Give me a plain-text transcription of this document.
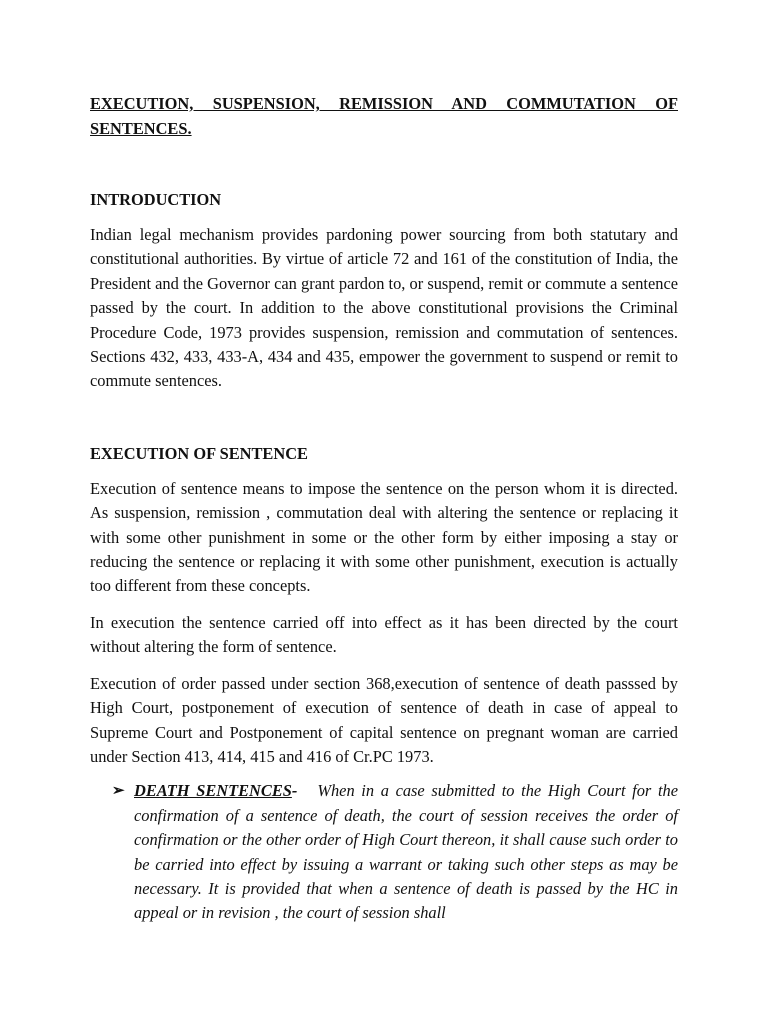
EXECUTION, SUSPENSION, REMISSION AND COMMUTATION OF SENTENCES.

INTRODUCTION

Indian legal mechanism provides pardoning power sourcing from both statutary and constitutional authorities. By virtue of article 72 and 161 of the constitution of India, the President and the Governor can grant pardon to, or suspend, remit or commute a sentence passed by the court. In addition to the above constitutional provisions the Criminal Procedure Code, 1973 provides suspension, remission and commutation of sentences. Sections 432, 433, 433-A, 434 and 435, empower the government to suspend or remit to commute sentences.

EXECUTION OF SENTENCE

Execution of sentence means to impose the sentence on the person whom it is directed. As suspension, remission , commutation deal with altering the sentence or replacing it with some other punishment in some or the other form by either imposing a stay or reducing the sentence or replacing it with some other punishment, execution is actually too different from these concepts.

In execution the sentence carried off into effect as it has been directed by the court without altering the form of sentence.

Execution of order passed under section 368,execution of sentence of death passsed by High Court, postponement of execution of sentence of death in case of appeal to Supreme Court and Postponement of capital sentence on pregnant woman are carried under Section 413, 414, 415 and 416 of Cr.PC 1973.

➢ DEATH SENTENCES- When in a case submitted to the High Court for the confirmation of a sentence of death, the court of session receives the order of confirmation or the other order of High Court thereon, it shall cause such order to be carried into effect by issuing a warrant or taking such other steps as may be necessary. It is provided that when a sentence of death is passed by the HC in appeal or in revision , the court of session shall
